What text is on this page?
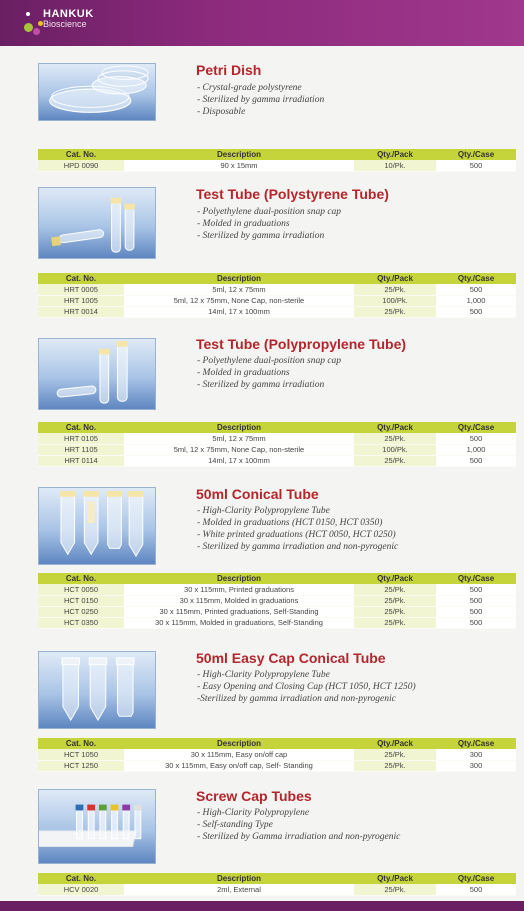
HANKUK
Bioscience
Petri Dish
- Crystal-grade polystyrene
- Sterilized by gamma irradiation
- Disposable
Cat. No.	Description	Qty./Pack	Qty./Case
HPD 0090	90 x 15mm	10/Pk.	500
Test Tube (Polystyrene Tube)
- Polyethylene dual-position snap cap
- Molded in graduations
- Sterilized by gamma irradiation
Cat. No.	Description	Qty./Pack	Qty./Case
HRT 0005	5ml, 12 x 75mm	25/Pk.	500
HRT 1005	5ml, 12 x 75mm, None Cap, non-sterile	100/Pk.	1,000
HRT 0014	14ml, 17 x 100mm	25/Pk.	500
Test Tube (Polypropylene Tube)
- Polyethylene dual-position snap cap
- Molded in graduations
- Sterilized by gamma irradiation
Cat. No.	Description	Qty./Pack	Qty./Case
HRT 0105	5ml, 12 x 75mm	25/Pk.	500
HRT 1105	5ml, 12 x 75mm, None Cap, non-sterile	100/Pk.	1,000
HRT 0114	14ml, 17 x 100mm	25/Pk.	500
50ml Conical Tube
- High-Clarity Polypropylene Tube
- Molded in graduations (HCT 0150, HCT 0350)
- White printed graduations (HCT 0050, HCT 0250)
- Sterilized by gamma irradiation and non-pyrogenic
Cat. No.	Description	Qty./Pack	Qty./Case
HCT 0050	30 x 115mm, Printed graduations	25/Pk.	500
HCT 0150	30 x 115mm, Molded in graduations	25/Pk.	500
HCT 0250	30 x 115mm, Printed graduations, Self-Standing	25/Pk.	500
HCT 0350	30 x 115mm, Molded in graduations, Self-Standing	25/Pk.	500
50ml Easy Cap Conical Tube
- High-Clarity Polypropylene Tube
- Easy Opening and Closing Cap (HCT 1050, HCT 1250)
-Sterilized by gamma irradiation and non-pyrogenic
Cat. No.	Description	Qty./Pack	Qty./Case
HCT 1050	30 x 115mm, Easy on/off cap	25/Pk.	300
HCT 1250	30 x 115mm, Easy on/off cap, Self- Standing	25/Pk.	300
Screw Cap Tubes
- High-Clarity Polypropylene
- Self-standing Type
- Sterilized by Gamma irradiation and non-pyrogenic
Cat. No.	Description	Qty./Pack	Qty./Case
HCV 0020	2ml, External	25/Pk.	500
